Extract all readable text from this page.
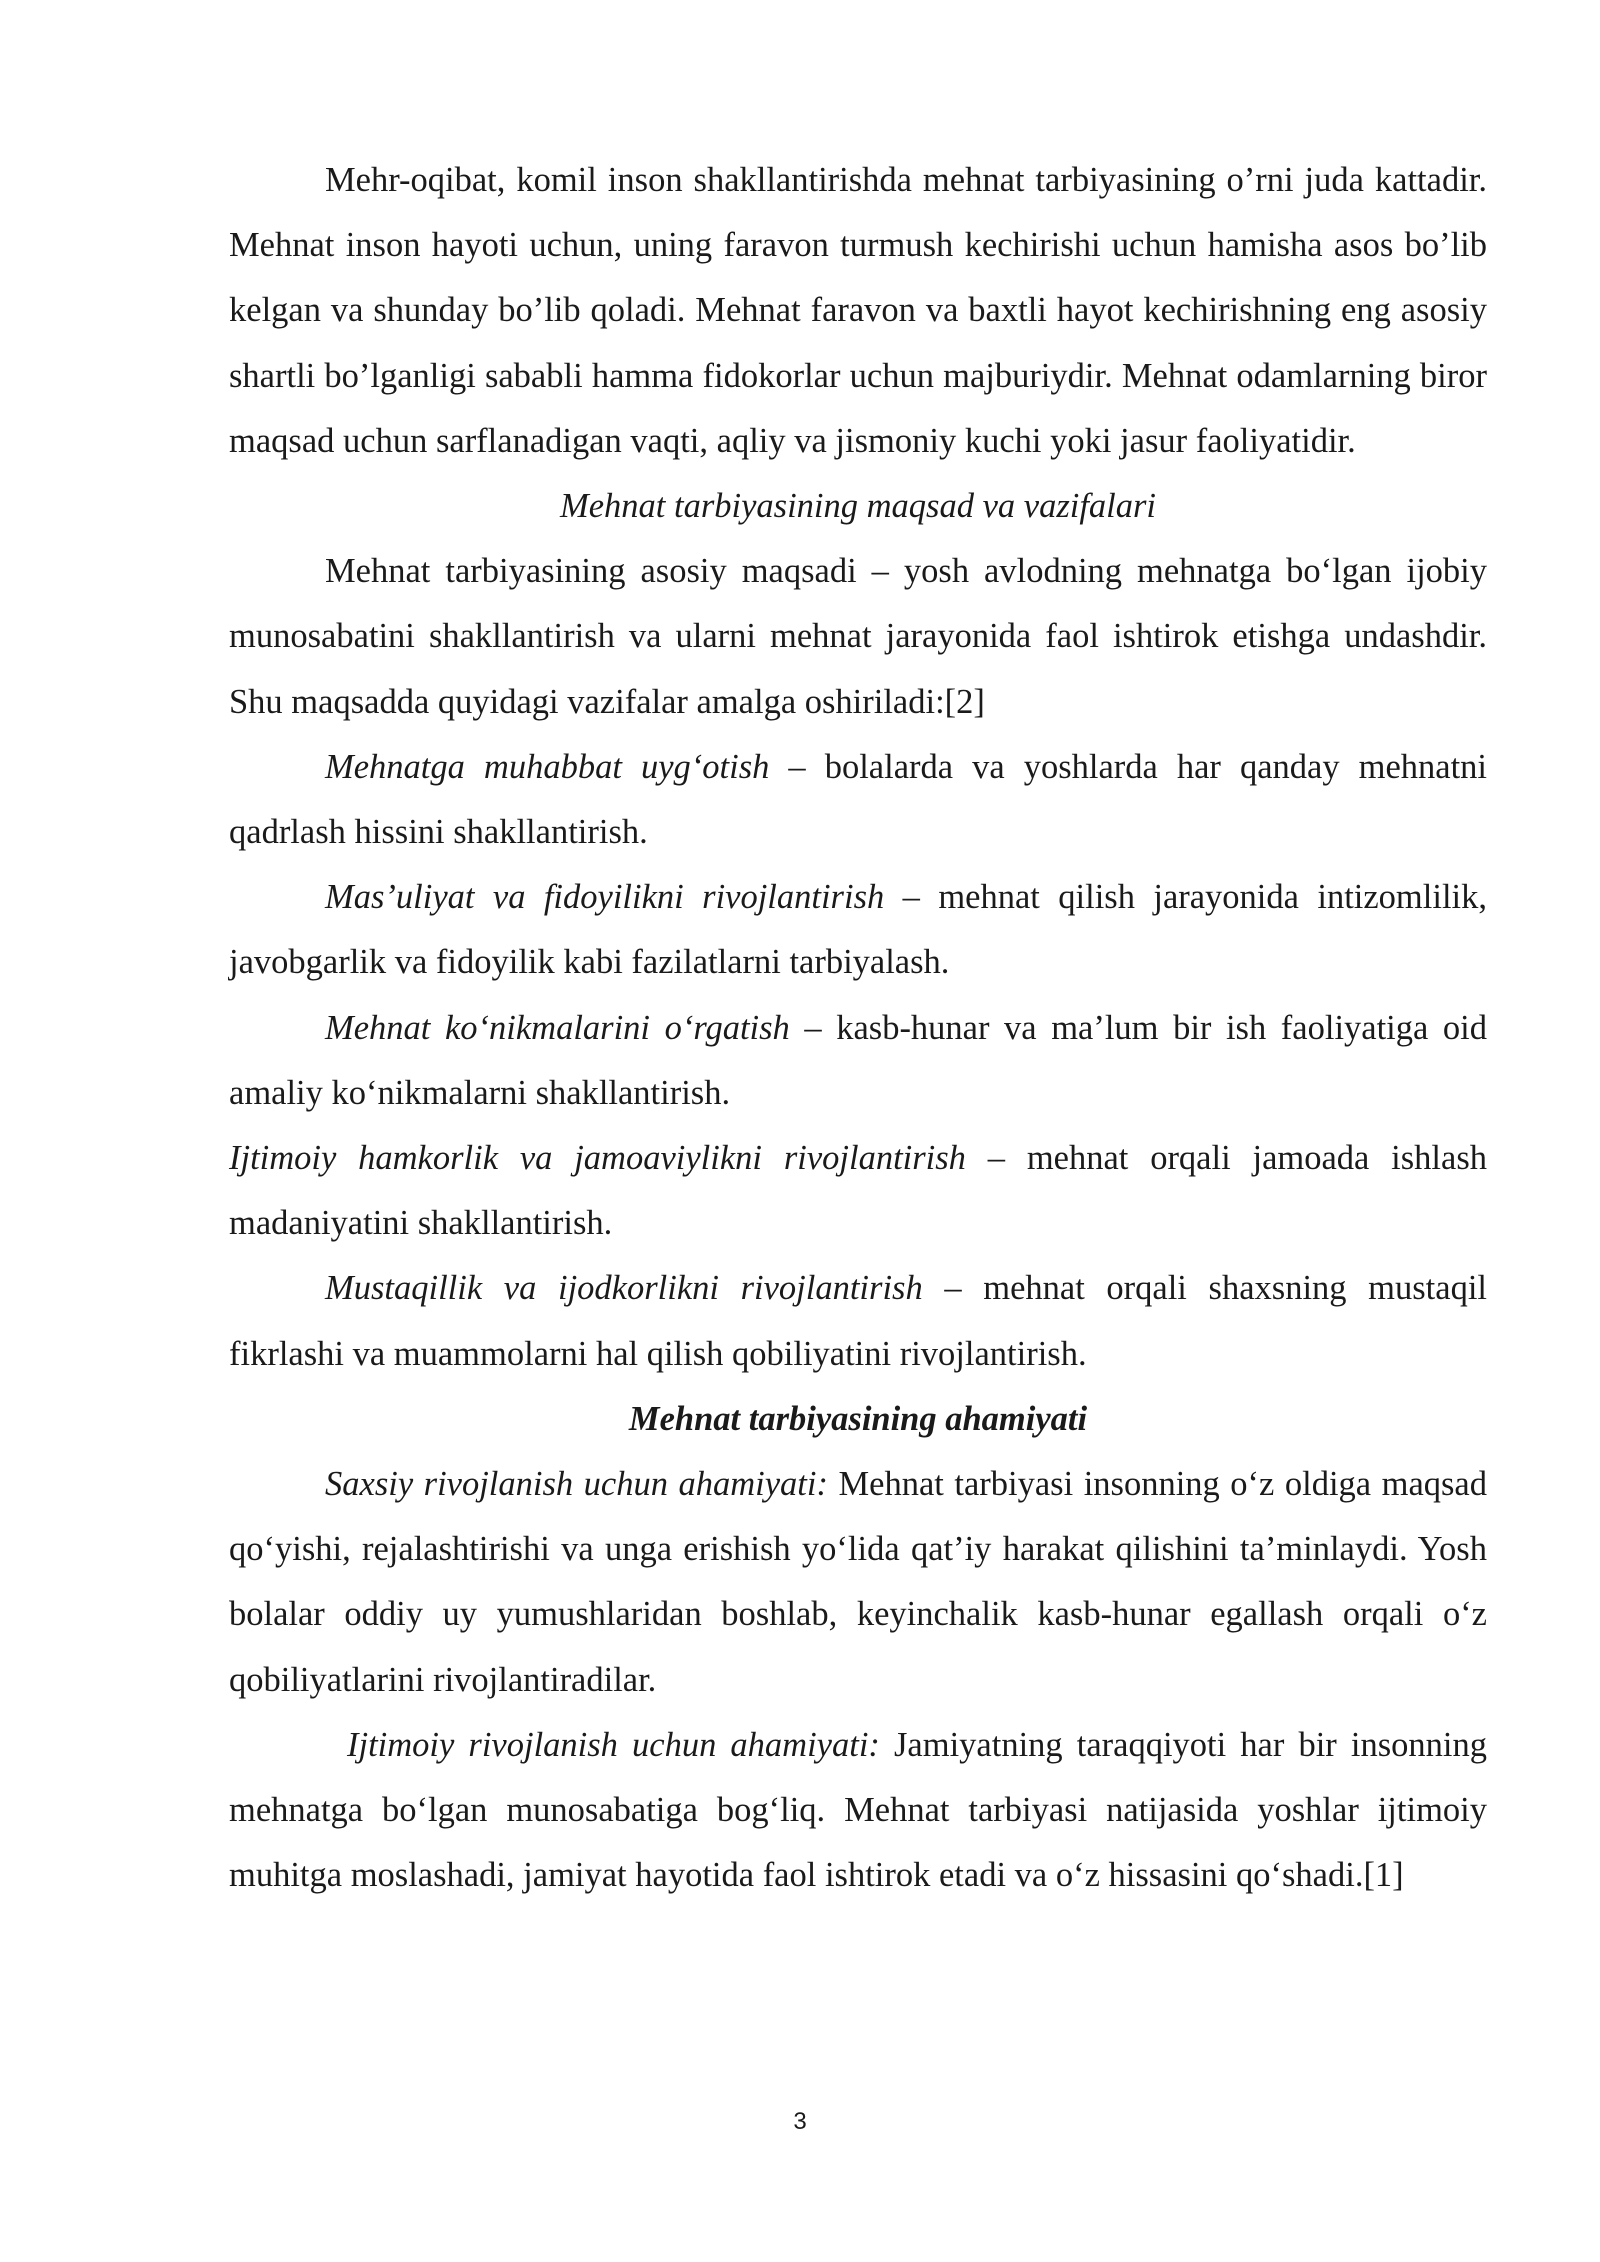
Mehr-oqibat, komil inson shakllantirishda mehnat tarbiyasining o’rni juda kattadir. Mehnat inson hayoti uchun, uning faravon turmush kechirishi uchun hamisha asos bo’lib kelgan va shunday bo’lib qoladi. Mehnat faravon va baxtli hayot kechirishning eng asosiy shartli bo’lganligi sababli hamma fidokorlar uchun majburiydir. Mehnat odamlarning biror maqsad uchun sarflanadigan vaqti, aqliy va jismoniy kuchi yoki jasur faoliyatidir.

Mehnat tarbiyasining maqsad va vazifalari

Mehnat tarbiyasining asosiy maqsadi – yosh avlodning mehnatga bo‘lgan ijobiy munosabatini shakllantirish va ularni mehnat jarayonida faol ishtirok etishga undashdir. Shu maqsadda quyidagi vazifalar amalga oshiriladi:[2]

Mehnatga muhabbat uyg‘otish – bolalarda va yoshlarda har qanday mehnatni qadrlash hissini shakllantirish.

Mas’uliyat va fidoyilikni rivojlantirish – mehnat qilish jarayonida intizomlilik, javobgarlik va fidoyilik kabi fazilatlarni tarbiyalash.

Mehnat ko‘nikmalarini o‘rgatish – kasb-hunar va ma’lum bir ish faoliyatiga oid amaliy ko‘nikmalarni shakllantirish.

Ijtimoiy hamkorlik va jamoaviylikni rivojlantirish – mehnat orqali jamoada ishlash madaniyatini shakllantirish.

Mustaqillik va ijodkorlikni rivojlantirish – mehnat orqali shaxsning mustaqil fikrlashi va muammolarni hal qilish qobiliyatini rivojlantirish.

Mehnat tarbiyasining ahamiyati

Saxsiy rivojlanish uchun ahamiyati: Mehnat tarbiyasi insonning o‘z oldiga maqsad qo‘yishi, rejalashtirishi va unga erishish yo‘lida qat’iy harakat qilishini ta’minlaydi. Yosh bolalar oddiy uy yumushlaridan boshlab, keyinchalik kasb-hunar egallash orqali o‘z qobiliyatlarini rivojlantiradilar.

Ijtimoiy rivojlanish uchun ahamiyati: Jamiyatning taraqqiyoti har bir insonning mehnatga bo‘lgan munosabatiga bog‘liq. Mehnat tarbiyasi natijasida yoshlar ijtimoiy muhitga moslashadi, jamiyat hayotida faol ishtirok etadi va o‘z hissasini qo‘shadi.[1]

3
